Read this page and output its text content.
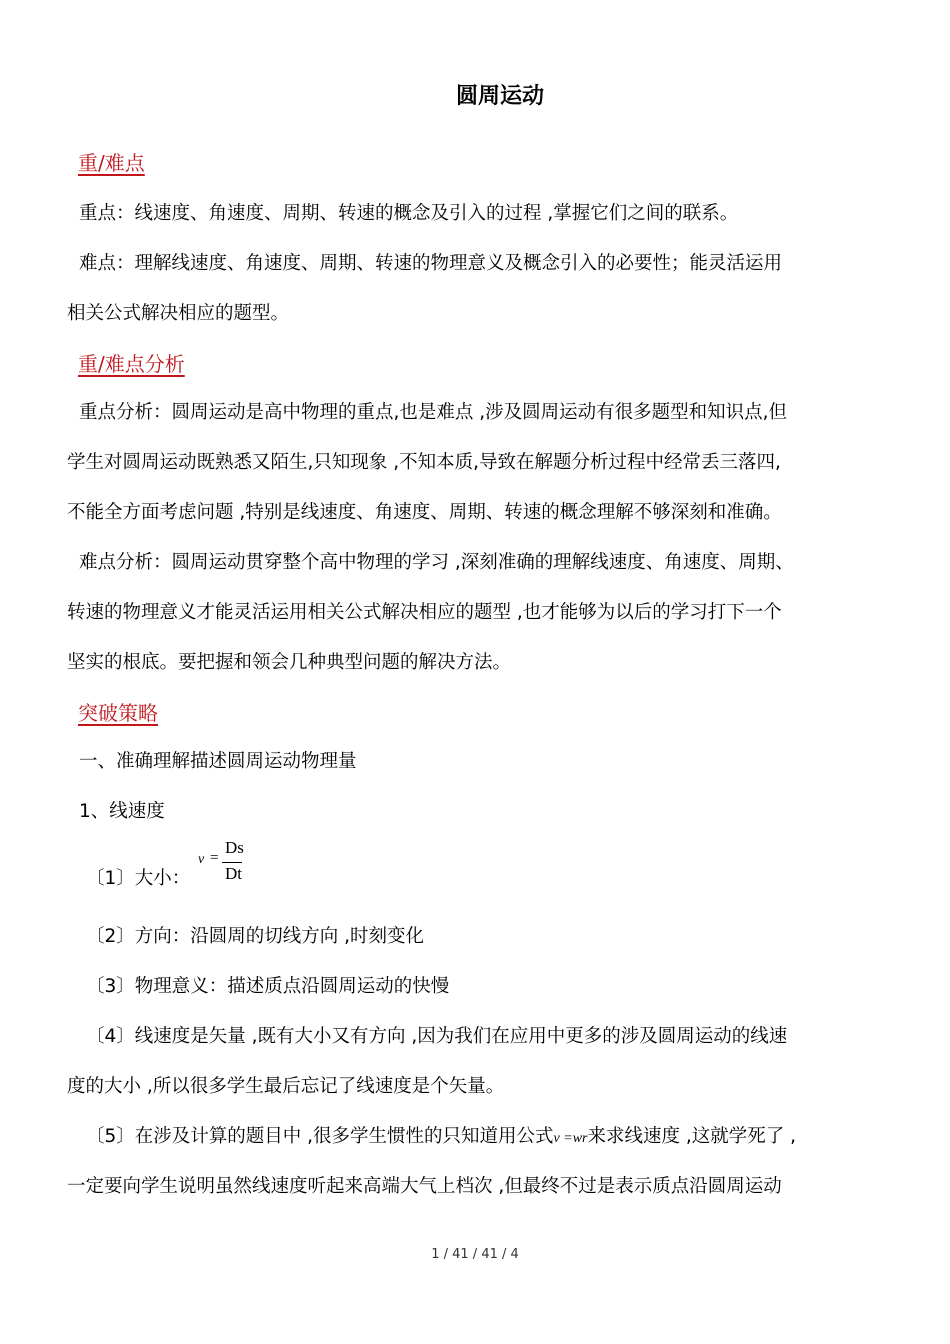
圆周运动
重/难点
重点：线速度、角速度、周期、转速的概念及引入的过程 ,掌握它们之间的联系。
难点：理解线速度、角速度、周期、转速的物理意义及概念引入的必要性；能灵活运用
相关公式解决相应的题型。
重/难点分析
重点分析：圆周运动是高中物理的重点,也是难点 ,涉及圆周运动有很多题型和知识点,但
学生对圆周运动既熟悉又陌生,只知现象 ,不知本质,导致在解题分析过程中经常丢三落四,
不能全方面考虑问题 ,特别是线速度、角速度、周期、转速的概念理解不够深刻和准确。
难点分析：圆周运动贯穿整个高中物理的学习 ,深刻准确的理解线速度、角速度、周期、
转速的物理意义才能灵活运用相关公式解决相应的题型 ,也才能够为以后的学习打下一个
坚实的根底。要把握和领会几种典型问题的解决方法。
突破策略
一、准确理解描述圆周运动物理量
1、线速度
〔1〕大小：
v =
Ds
Dt
〔2〕方向：沿圆周的切线方向 ,时刻变化
〔3〕物理意义：描述质点沿圆周运动的快慢
〔4〕线速度是矢量 ,既有大小又有方向 ,因为我们在应用中更多的涉及圆周运动的线速
度的大小 ,所以很多学生最后忘记了线速度是个矢量。
〔5〕在涉及计算的题目中 ,很多学生惯性的只知道用公式v =wr来求线速度 ,这就学死了 ,
一定要向学生说明虽然线速度听起来高端大气上档次 ,但最终不过是表示质点沿圆周运动
1 / 41 / 41 / 4
